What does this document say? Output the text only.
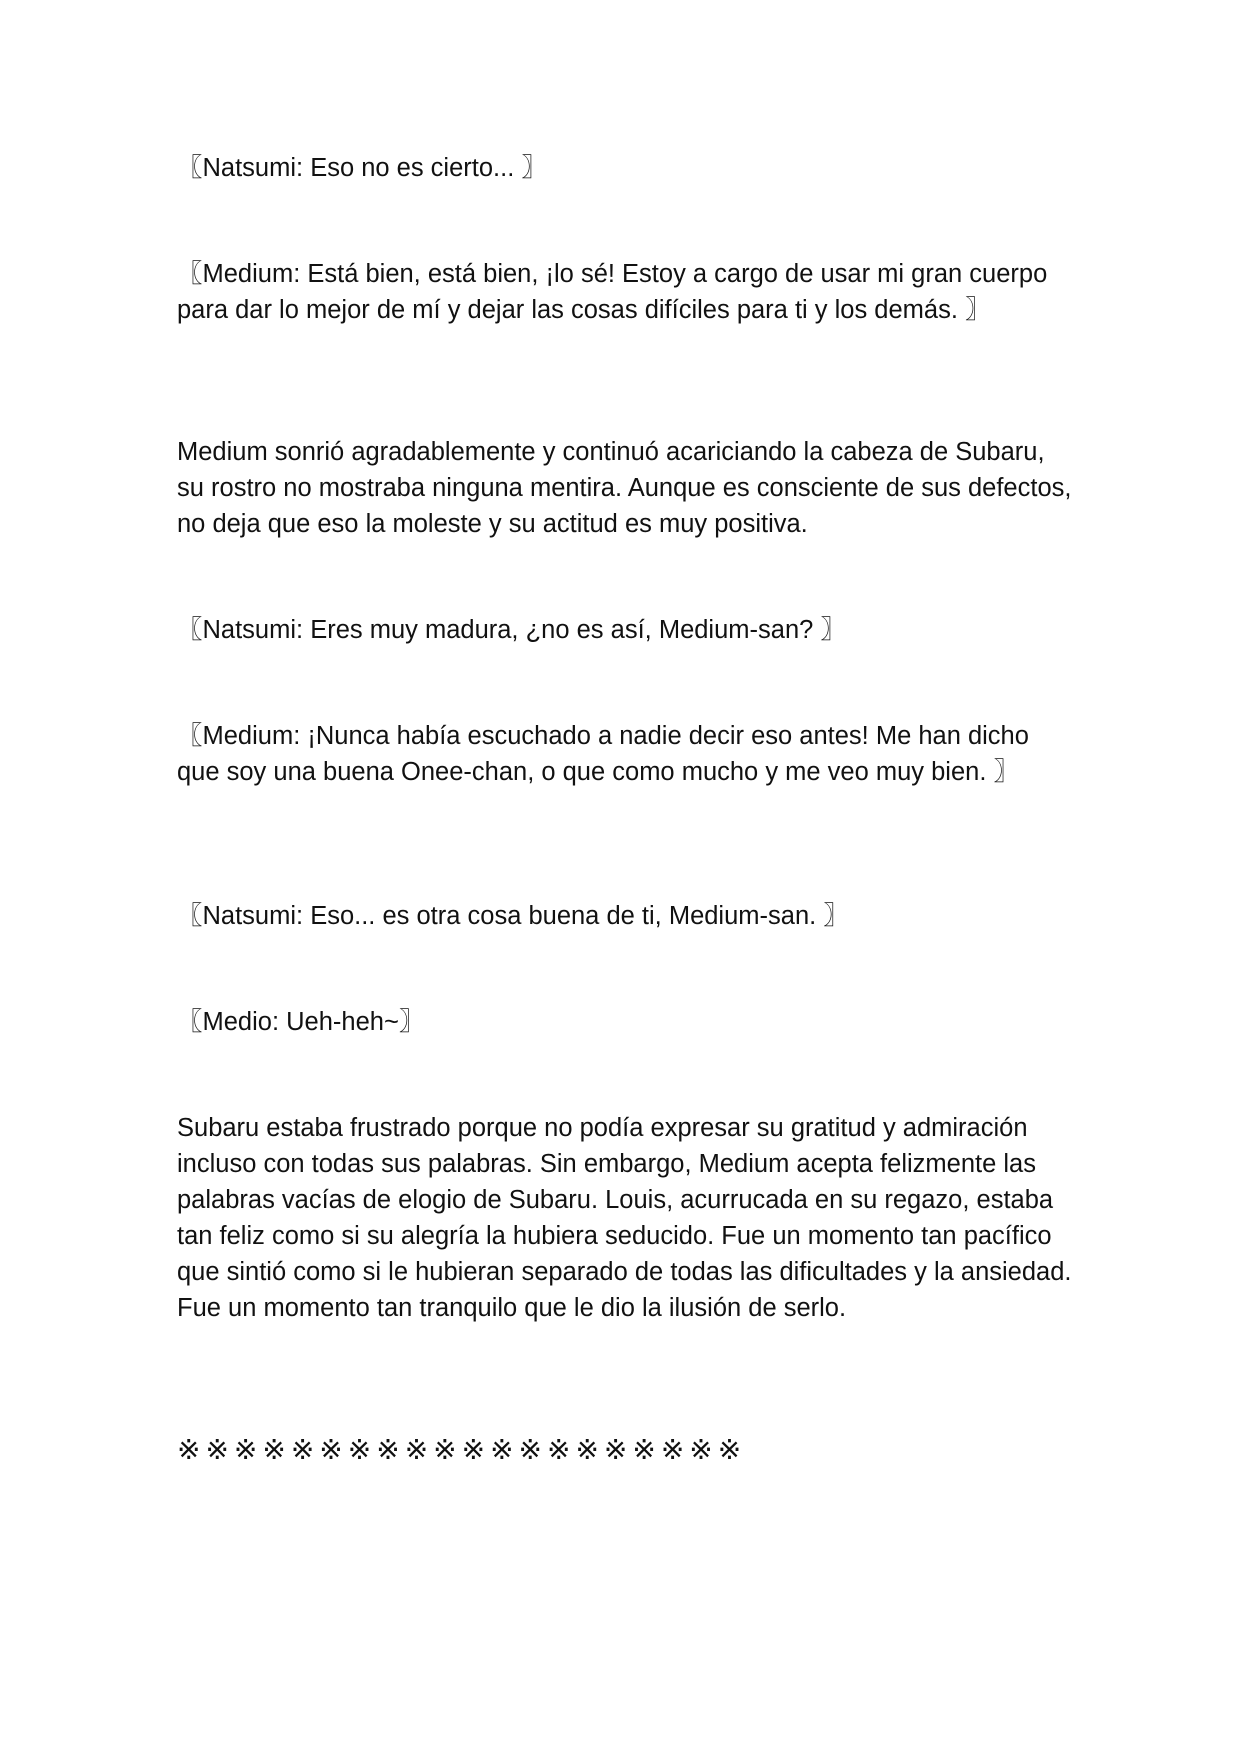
〖Natsumi: Eso no es cierto... 〗

〖Medium: Está bien, está bien, ¡lo sé! Estoy a cargo de usar mi gran cuerpo para dar lo mejor de mí y dejar las cosas difíciles para ti y los demás. 〗

Medium sonrió agradablemente y continuó acariciando la cabeza de Subaru, su rostro no mostraba ninguna mentira. Aunque es consciente de sus defectos, no deja que eso la moleste y su actitud es muy positiva.

〖Natsumi: Eres muy madura, ¿no es así, Medium-san? 〗

〖Medium: ¡Nunca había escuchado a nadie decir eso antes! Me han dicho que soy una buena Onee-chan, o que como mucho y me veo muy bien. 〗

〖Natsumi: Eso... es otra cosa buena de ti, Medium-san. 〗

〖Medio: Ueh-heh~〗

Subaru estaba frustrado porque no podía expresar su gratitud y admiración incluso con todas sus palabras. Sin embargo, Medium acepta felizmente las palabras vacías de elogio de Subaru. Louis, acurrucada en su regazo, estaba tan feliz como si su alegría la hubiera seducido. Fue un momento tan pacífico que sintió como si le hubieran separado de todas las dificultades y la ansiedad. Fue un momento tan tranquilo que le dio la ilusión de serlo.

※※※※※※※※※※※※※※※※※※※※
